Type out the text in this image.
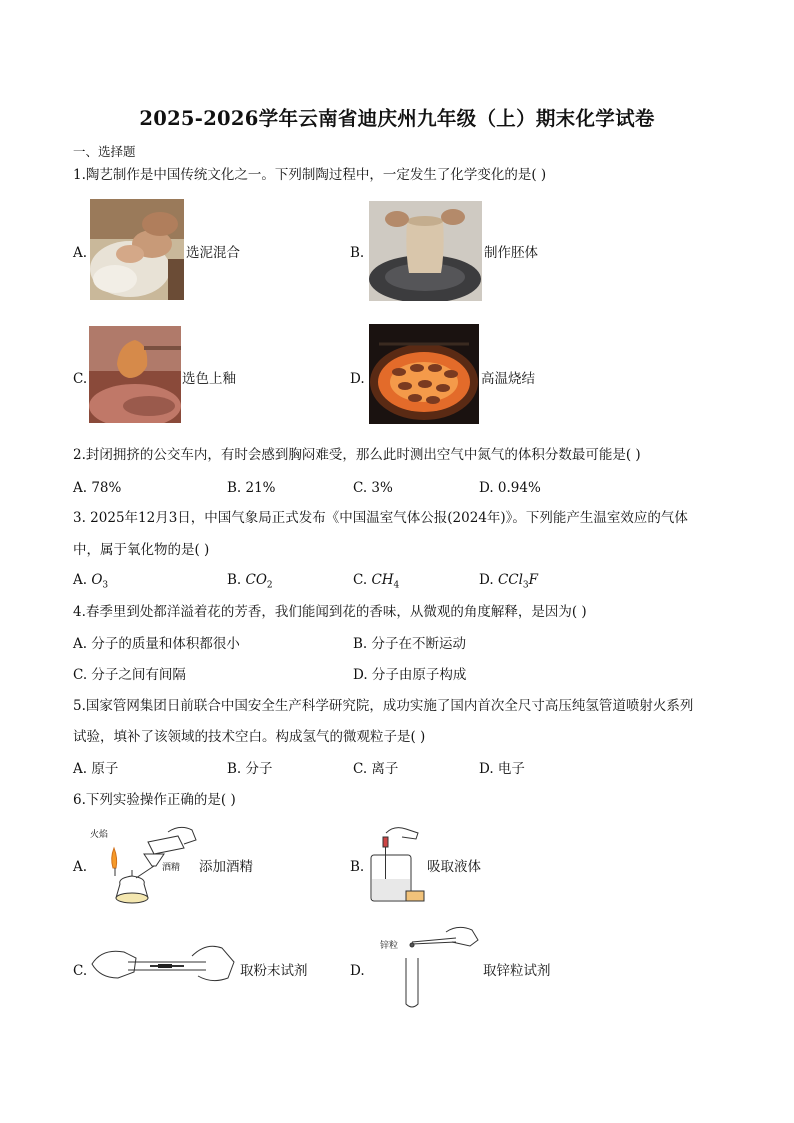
2025-2026学年云南省迪庆州九年级（上）期末化学试卷
一、选择题
1.陶艺制作是中国传统文化之一。下列制陶过程中，一定发生了化学变化的是( )
A.	选泥混合	B.	制作胚体
C.	选色上釉	D.	高温烧结
2.封闭拥挤的公交车内，有时会感到胸闷难受，那么此时测出空气中氮气的体积分数最可能是( )
A. 78%	B. 21%	C. 3%	D. 0.94%
3. 2025年12月3日，中国气象局正式发布《中国温室气体公报(2024年)》。下列能产生温室效应的气体
中，属于氧化物的是( )
A. $O_3$	B. $CO_2$	C. $CH_4$	D. CCl$_3$F
4.春季里到处都洋溢着花的芳香，我们能闻到花的香味，从微观的角度解释，是因为( )
A. 分子的质量和体积都很小	B. 分子在不断运动
C. 分子之间有间隔	D. 分子由原子构成
5.国家管网集团日前联合中国安全生产科学研究院，成功实施了国内首次全尺寸高压纯氢管道喷射火系列
试验，填补了该领域的技术空白。构成氢气的微观粒子是( )
A. 原子	B. 分子	C. 离子	D. 电子
6.下列实验操作正确的是( )
A.
火焰
酒精 添加酒精	B.	吸取液体
C.	取粉末试剂	D.
锌粒
取锌粒试剂
